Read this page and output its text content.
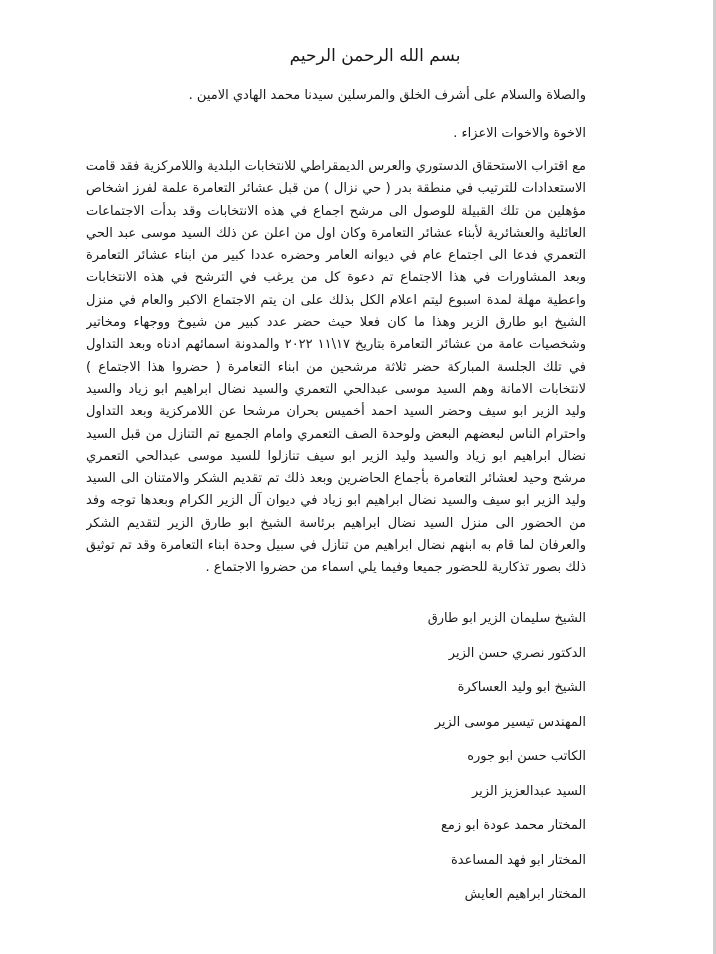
بسم الله الرحمن الرحيم
والصلاة والسلام على أشرف الخلق والمرسلين سيدنا محمد الهادي الامين .
الاخوة والاخوات الاعزاء .
مع اقتراب الاستحقاق الدستوري والعرس الديمقراطي للانتخابات البلدية واللامركزية فقد قامت
الاستعدادات للترتيب في منطقة بدر ( حي نزال ) من قبل عشائر التعامرة علمة لفرز اشخاص
مؤهلين من تلك القبيلة للوصول الى مرشح اجماع في هذه الانتخابات وقد بدأت الاجتماعات
العائلية والعشائرية لأبناء عشائر التعامرة وكان اول من اعلن عن ذلك السيد موسى عبد الحي
التعمري فدعا الى اجتماع عام في ديوانه العامر وحضره عددا كبير من ابناء عشائر التعامرة
وبعد المشاورات في هذا الاجتماع تم دعوة كل من يرغب في الترشح في هذه الانتخابات
واعطية مهلة لمدة اسبوع ليتم اعلام الكل بذلك على ان يتم الاجتماع الاكبر والعام في منزل
الشيخ ابو طارق الزير وهذا ما كان فعلا حيث حضر عدد كبير من شيوخ ووجهاء ومخاتير
وشخصيات عامة من عشائر التعامرة بتاريخ ١٧\١١ ٢٠٢٢ والمدونة اسمائهم ادناه وبعد التداول
في تلك الجلسة المباركة حضر ثلاثة مرشحين من ابناء التعامرة ( حضروا هذا الاجتماع )
لانتخابات الامانة وهم السيد موسى عبدالحي التعمري والسيد نضال ابراهيم ابو زياد والسيد
وليد الزير ابو سيف وحضر السيد احمد أخميس بحران مرشحا عن اللامركزية وبعد التداول
واحترام الناس لبعضهم البعض ولوحدة الصف التعمري وامام الجميع تم التنازل من قبل السيد
نضال ابراهيم ابو زياد والسيد وليد الزير ابو سيف تنازلوا للسيد موسى عبدالحي التعمري
مرشح وحيد لعشائر التعامرة بأجماع الحاضرين وبعد ذلك تم تقديم الشكر والامتنان الى السيد
وليد الزير ابو سيف والسيد نضال ابراهيم ابو زياد في ديوان آل الزير الكرام وبعدها توجه وفد
من الحضور الى منزل السيد نضال ابراهيم برئاسة الشيخ ابو طارق الزير لتقديم الشكر
والعرفان لما قام به ابنهم نضال ابراهيم من تنازل في سبيل وحدة ابناء التعامرة وقد تم توثيق
ذلك بصور تذكارية للحضور جميعا وفيما يلي اسماء من حضروا الاجتماع .
الشيخ سليمان الزير ابو طارق
الدكتور نصري حسن الزير
الشيخ ابو وليد العساكرة
المهندس تيسير موسى الزير
الكاتب حسن ابو جوره
السيد عبدالعزيز الزير
المختار محمد عودة ابو زمع
المختار ابو فهد المساعدة
المختار ابراهيم العايش
